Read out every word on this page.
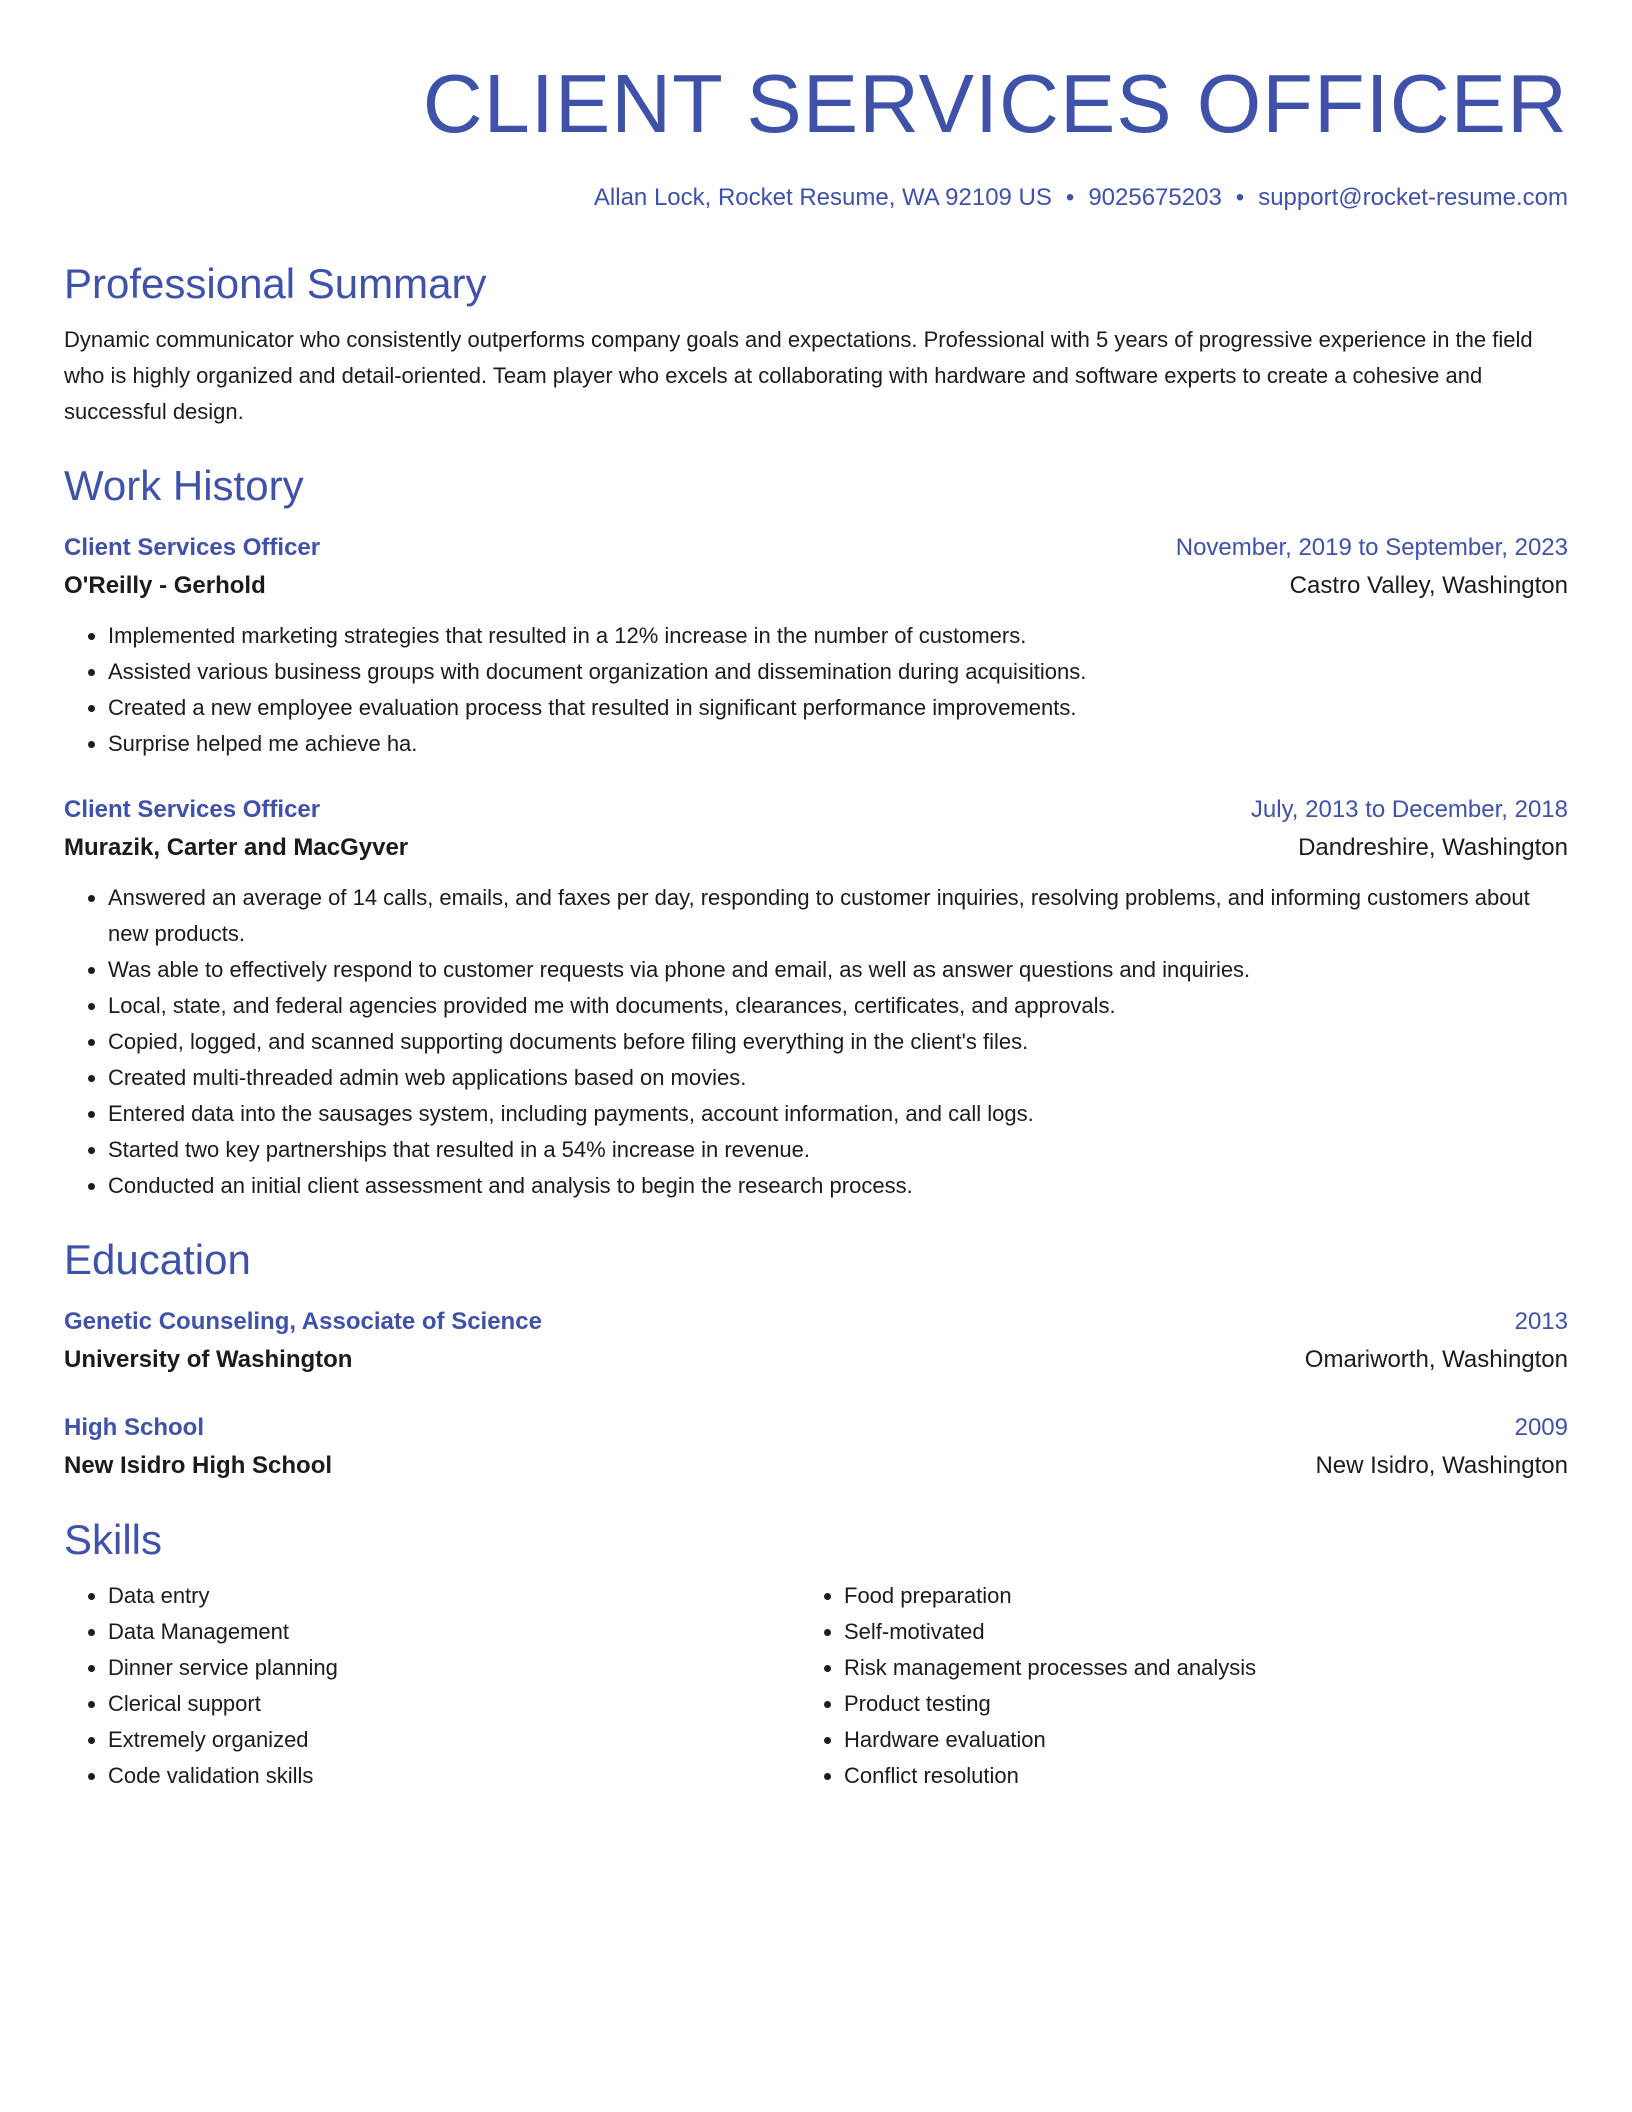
CLIENT SERVICES OFFICER
Allan Lock, Rocket Resume, WA 92109 US • 9025675203 • support@rocket-resume.com
Professional Summary

Dynamic communicator who consistently outperforms company goals and expectations. Professional with 5 years of progressive experience in the field who is highly organized and detail-oriented. Team player who excels at collaborating with hardware and software experts to create a cohesive and successful design.

Work History
Client Services Officer	November, 2019 to September, 2023
O'Reilly - Gerhold	Castro Valley, Washington
• Implemented marketing strategies that resulted in a 12% increase in the number of customers.
• Assisted various business groups with document organization and dissemination during acquisitions.
• Created a new employee evaluation process that resulted in significant performance improvements.
• Surprise helped me achieve ha.
Client Services Officer	July, 2013 to December, 2018
Murazik, Carter and MacGyver	Dandreshire, Washington
• Answered an average of 14 calls, emails, and faxes per day, responding to customer inquiries, resolving problems, and informing customers about new products.
• Was able to effectively respond to customer requests via phone and email, as well as answer questions and inquiries.
• Local, state, and federal agencies provided me with documents, clearances, certificates, and approvals.
• Copied, logged, and scanned supporting documents before filing everything in the client's files.
• Created multi-threaded admin web applications based on movies.
• Entered data into the sausages system, including payments, account information, and call logs.
• Started two key partnerships that resulted in a 54% increase in revenue.
• Conducted an initial client assessment and analysis to begin the research process.
Education
Genetic Counseling, Associate of Science	2013
University of Washington	Omariworth, Washington
High School	2009
New Isidro High School	New Isidro, Washington
Skills
• Data entry
• Data Management
• Dinner service planning
• Clerical support
• Extremely organized
• Code validation skills
• Food preparation
• Self-motivated
• Risk management processes and analysis
• Product testing
• Hardware evaluation
• Conflict resolution
